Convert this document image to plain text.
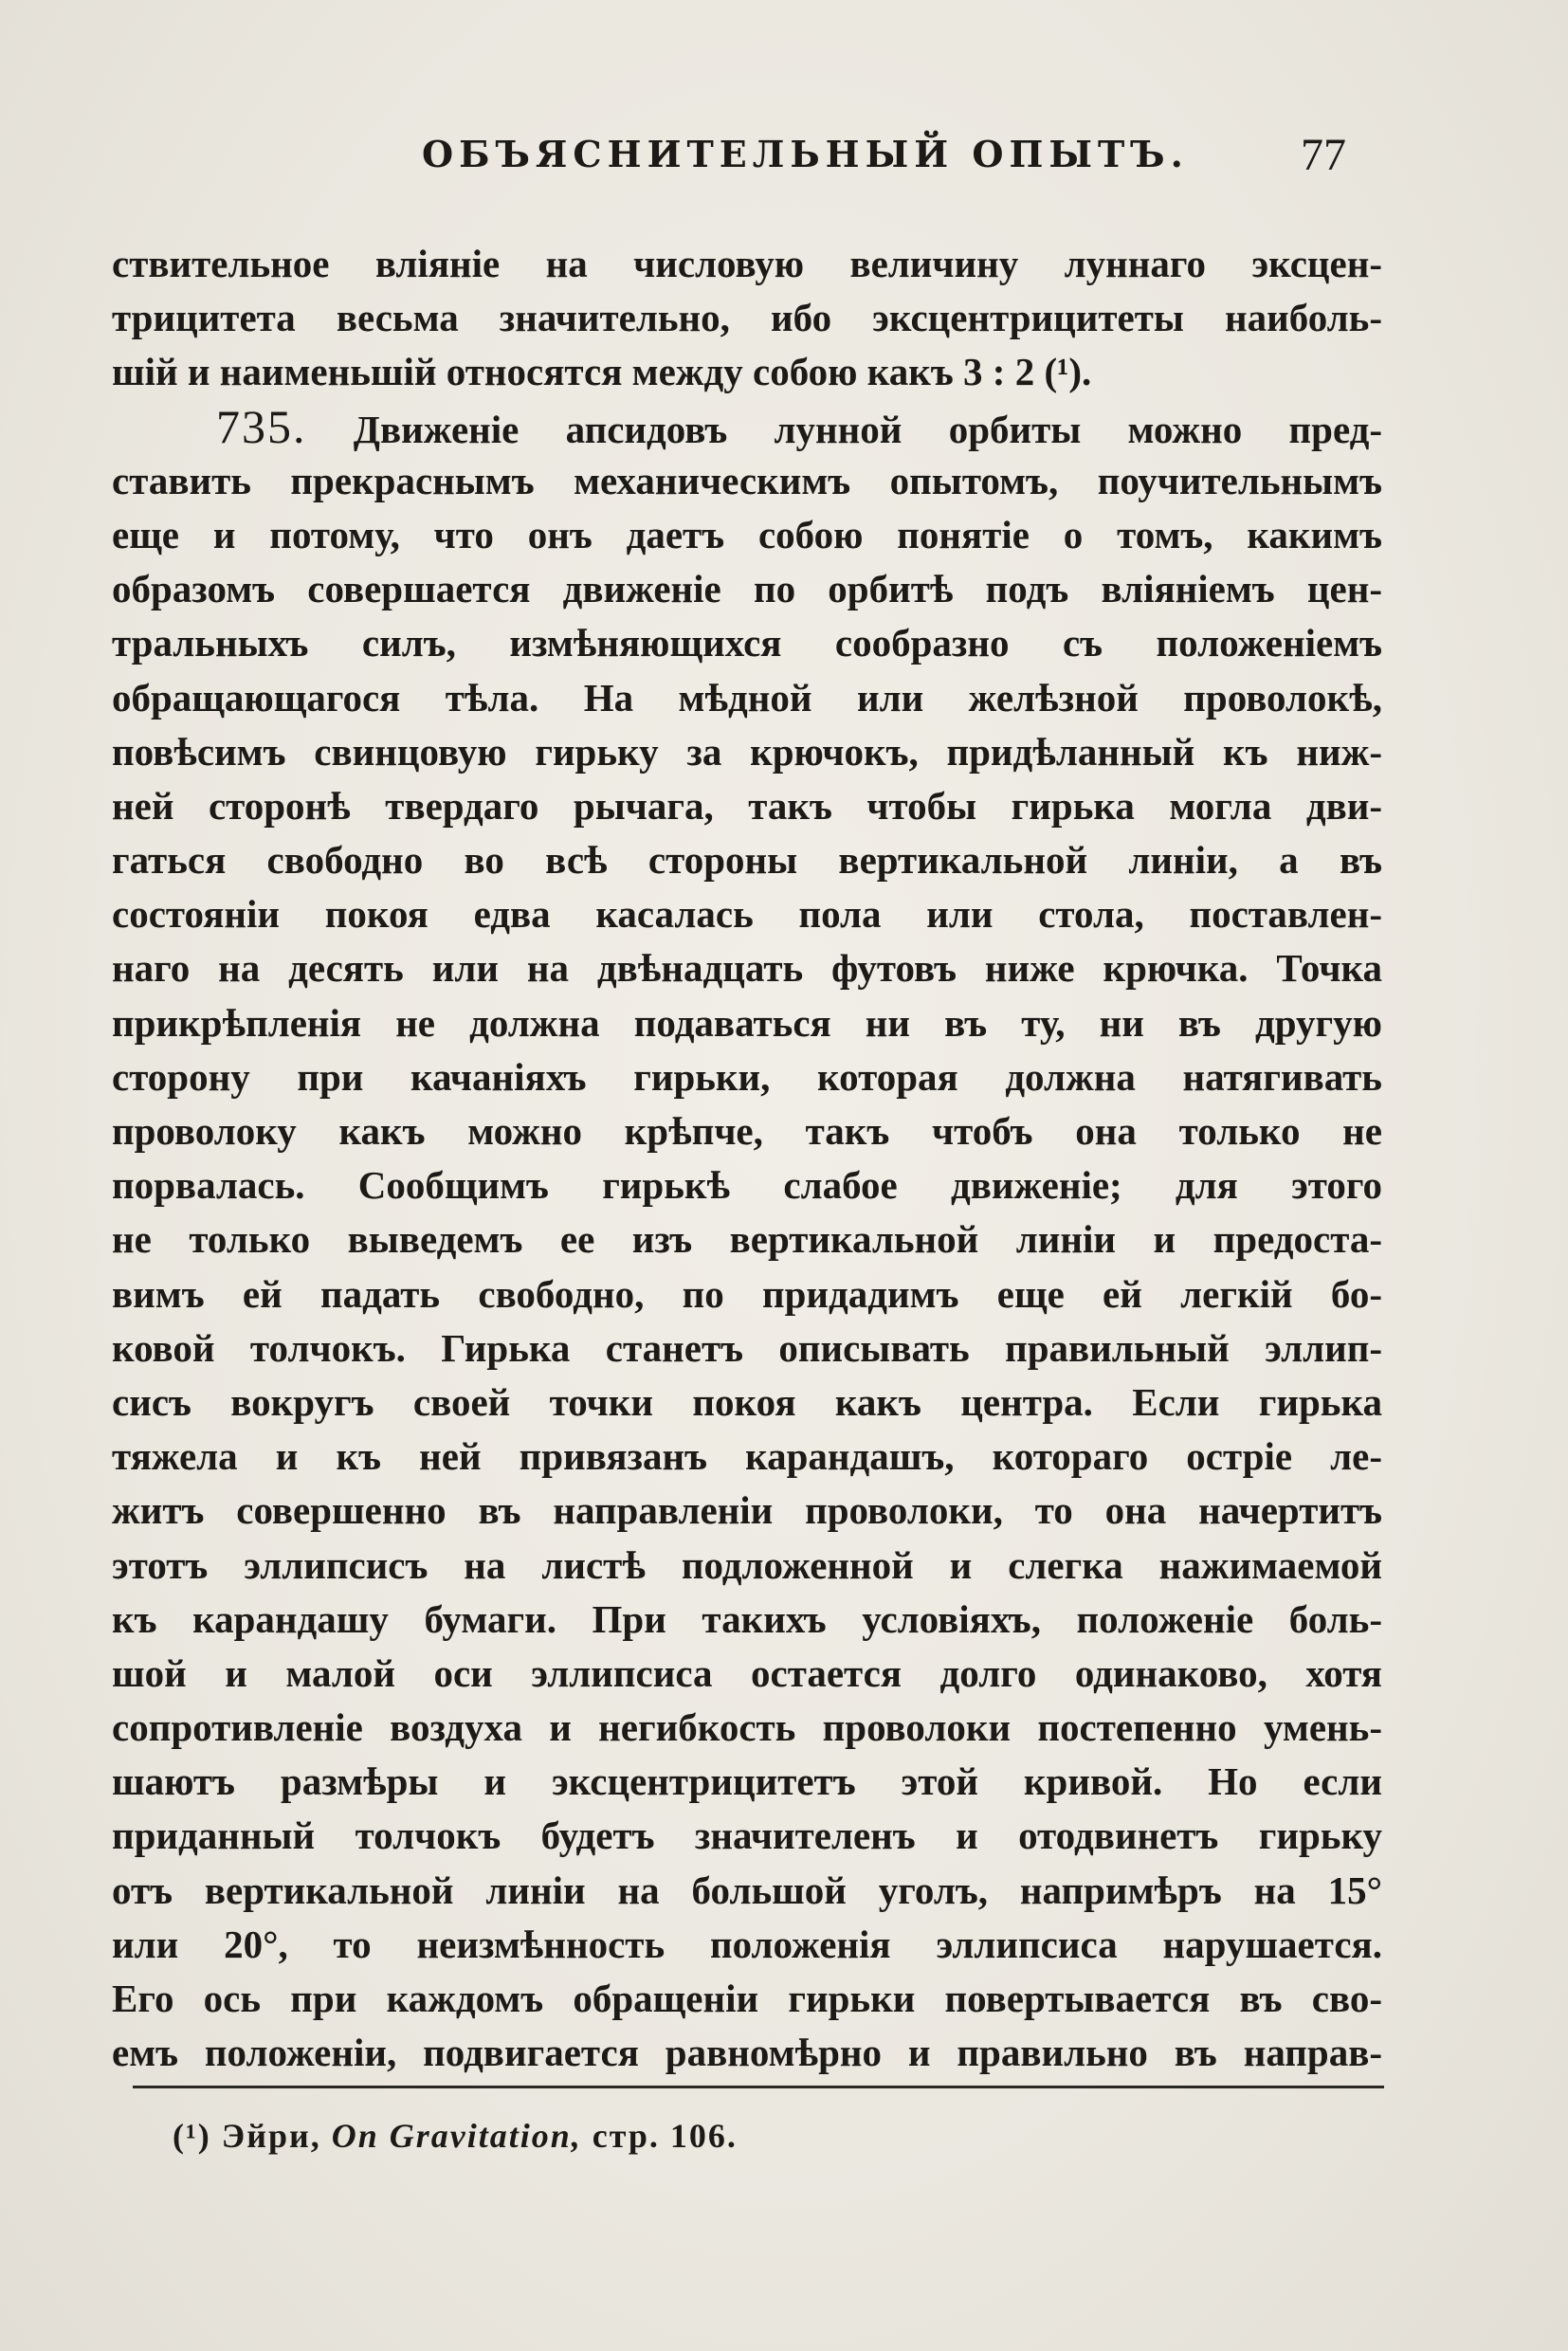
ОБЪЯСНИТЕЛЬНЫЙ ОПЫТЪ. 77
ствительное вліяніе на числовую величину луннаго эксцен-
трицитета весьма значительно, ибо эксцентрицитеты наиболь-
шій и наименьшій относятся между собою какъ 3 : 2 (¹).
735. Движеніе апсидовъ лунной орбиты можно пред-
ставить прекраснымъ механическимъ опытомъ, поучительнымъ
еще и потому, что онъ даетъ собою понятіе о томъ, какимъ
образомъ совершается движеніе по орбитѣ подъ вліяніемъ цен-
тральныхъ силъ, измѣняющихся сообразно съ положеніемъ
обращающагося тѣла. На мѣдной или желѣзной проволокѣ,
повѣсимъ свинцовую гирьку за крючокъ, придѣланный къ ниж-
ней сторонѣ твердаго рычага, такъ чтобы гирька могла дви-
гаться свободно во всѣ стороны вертикальной линіи, а въ
состояніи покоя едва касалась пола или стола, поставлен-
наго на десять или на двѣнадцать футовъ ниже крючка. Точка
прикрѣпленія не должна подаваться ни въ ту, ни въ другую
сторону при качаніяхъ гирьки, которая должна натягивать
проволоку какъ можно крѣпче, такъ чтобъ она только не
порвалась. Сообщимъ гирькѣ слабое движеніе; для этого
не только выведемъ ее изъ вертикальной линіи и предоста-
вимъ ей падать свободно, по придадимъ еще ей легкій бо-
ковой толчокъ. Гирька станетъ описывать правильный эллип-
сисъ вокругъ своей точки покоя какъ центра. Если гирька
тяжела и къ ней привязанъ карандашъ, котораго остріе ле-
житъ совершенно въ направленіи проволоки, то она начертитъ
этотъ эллипсисъ на листѣ подложенной и слегка нажимаемой
къ карандашу бумаги. При такихъ условіяхъ, положеніе боль-
шой и малой оси эллипсиса остается долго одинаково, хотя
сопротивленіе воздуха и негибкость проволоки постепенно умень-
шаютъ размѣры и эксцентрицитетъ этой кривой. Но если
приданный толчокъ будетъ значителенъ и отодвинетъ гирьку
отъ вертикальной линіи на большой уголъ, напримѣръ на 15°
или 20°, то неизмѣнность положенія эллипсиса нарушается.
Его ось при каждомъ обращеніи гирьки повертывается въ сво-
емъ положеніи, подвигается равномѣрно и правильно въ направ-
(¹) Эйри, On Gravitation, стр. 106.
